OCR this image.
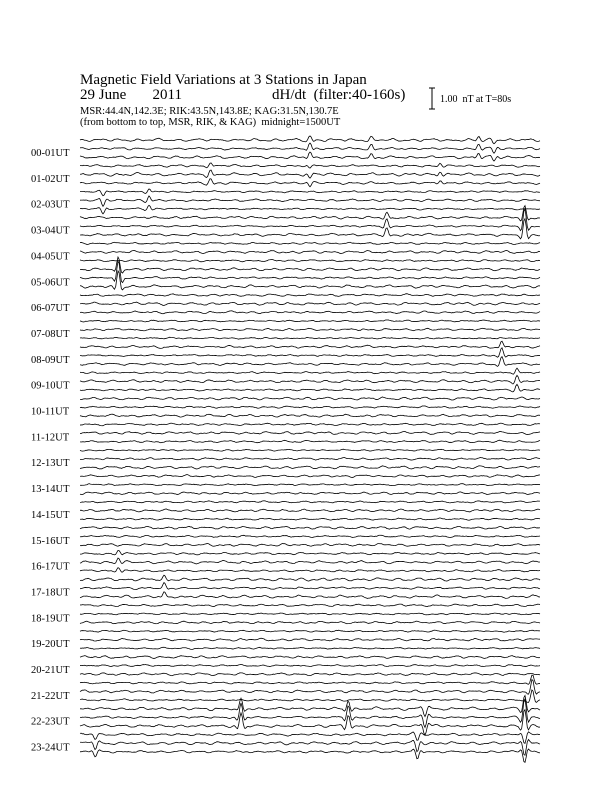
00-01UT
01-02UT
02-03UT
03-04UT
04-05UT
05-06UT
06-07UT
07-08UT
08-09UT
09-10UT
10-11UT
11-12UT
12-13UT
13-14UT
14-15UT
15-16UT
16-17UT
17-18UT
18-19UT
19-20UT
20-21UT
21-22UT
22-23UT
23-24UT
Magnetic Field Variations at 3 Stations in Japan
29 June       2011	dH/dt  (filter:40-160s)
MSR:44.4N,142.3E; RIK:43.5N,143.8E; KAG:31.5N,130.7E
(from bottom to top, MSR, RIK, & KAG)  midnight=1500UT
1.00  nT at T=80s
